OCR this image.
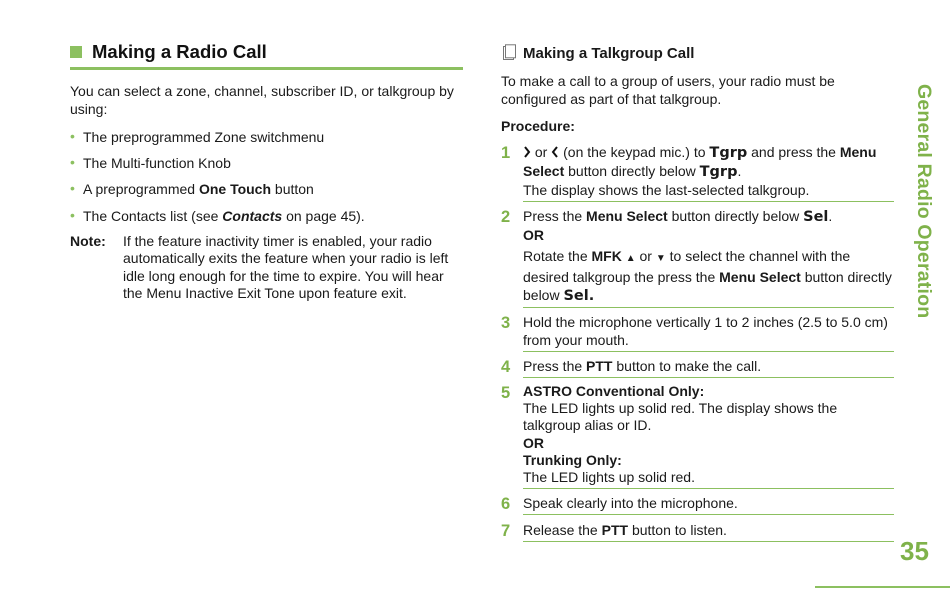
Making a Radio Call
You can select a zone, channel, subscriber ID, or talkgroup by using:
• The preprogrammed Zone switchmenu
• The Multi-function Knob
• A preprogrammed One Touch button
• The Contacts list (see Contacts on page 45).
Note:	If the feature inactivity timer is enabled, your radio automatically exits the feature when your radio is left idle long enough for the time to expire. You will hear the Menu Inactive Exit Tone upon feature exit.
Making a Talkgroup Call
To make a call to a group of users, your radio must be configured as part of that talkgroup.
Procedure:
1	or  (on the keypad mic.) to Tgrp and press the Menu Select button directly below Tgrp.
The display shows the last-selected talkgroup.
2 Press the Menu Select button directly below Sel.
OR

Rotate the MFK ▲ or ▼ to select the channel with the desired talkgroup the press the Menu Select button directly below Sel.
3 Hold the microphone vertically 1 to 2 inches (2.5 to 5.0 cm) from your mouth.
4 Press the PTT button to make the call.
5 ASTRO Conventional Only:
The LED lights up solid red. The display shows the talkgroup alias or ID.
OR
Trunking Only:
The LED lights up solid red.
6 Speak clearly into the microphone.
7 Release the PTT button to listen.
General Radio Operation
35
